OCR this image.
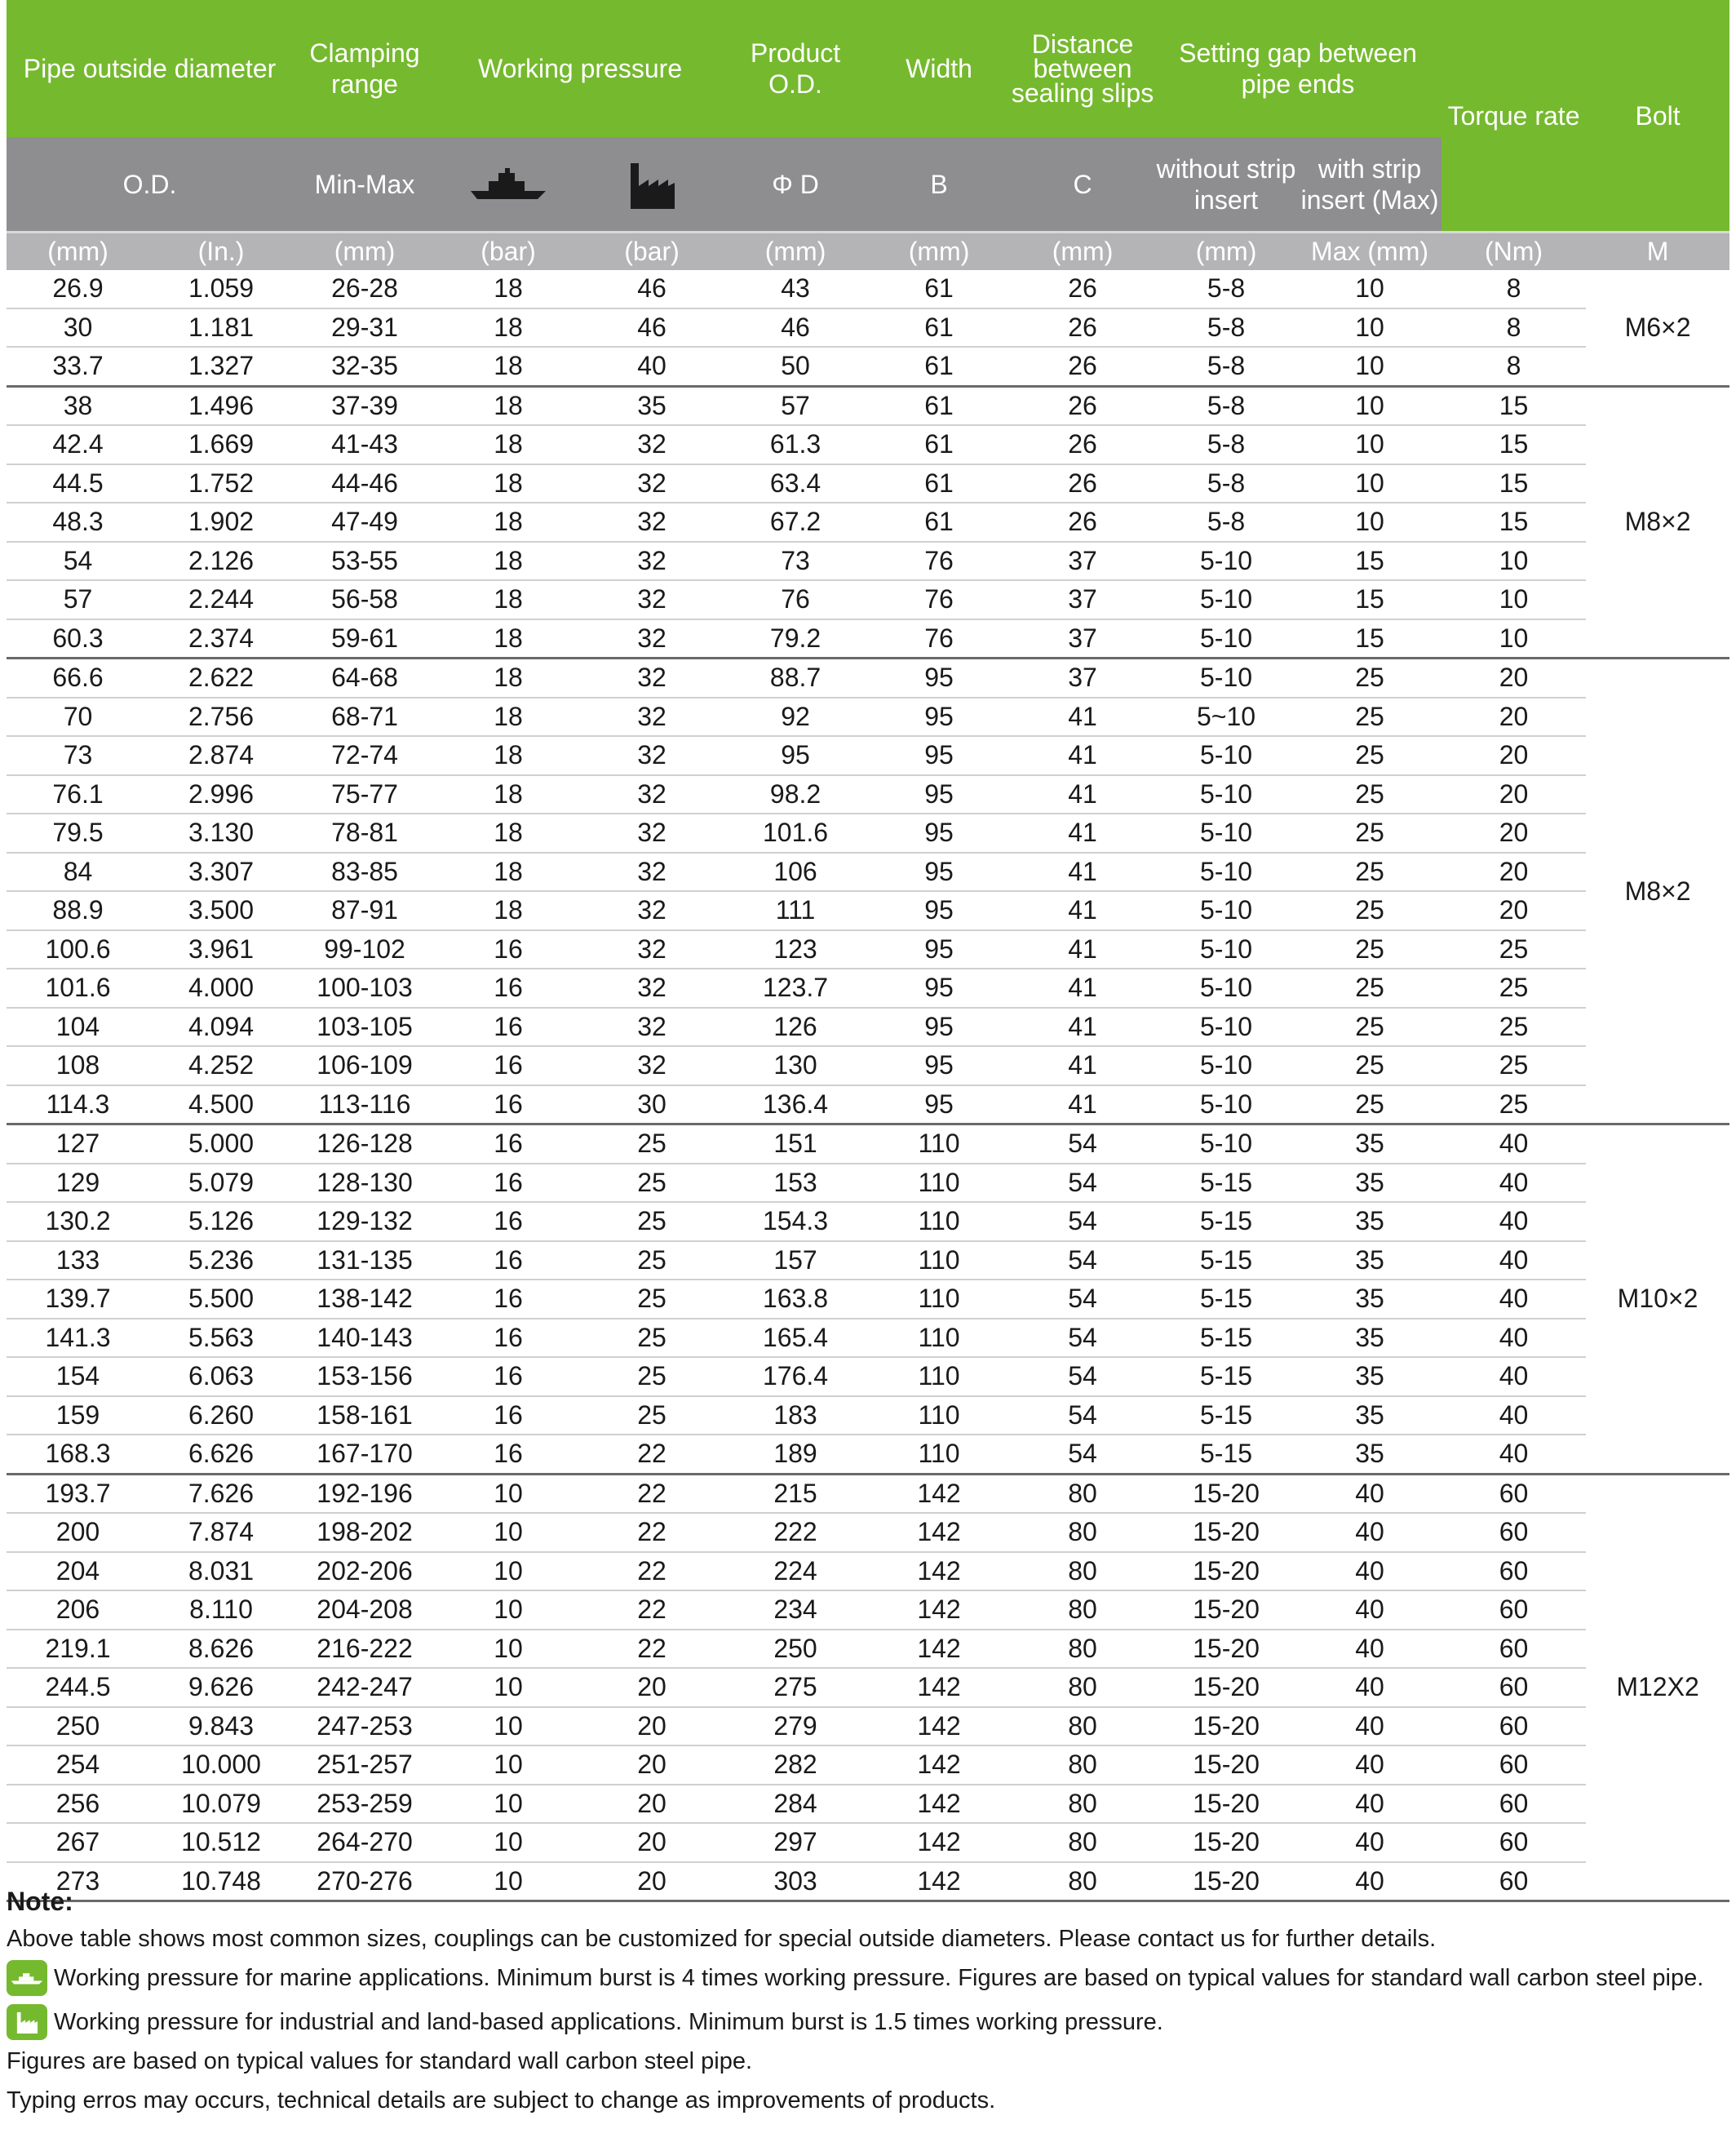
Pipe outside diameter		Clamping range	Working pressure		Product O.D.	Width	Distance between sealing slips	Setting gap between pipe ends		Torque rate	Bolt
O.D.		Min-Max			Φ D	B	C	without strip insert	with strip insert (Max)		
(mm)	(In.)	(mm)	(bar)	(bar)	(mm)	(mm)	(mm)	(mm)	Max (mm)	(Nm)	M
26.9	1.059	26-28	18	46	43	61	26	5-8	10	8	M6×2
30	1.181	29-31	18	46	46	61	26	5-8	10	8	
33.7	1.327	32-35	18	40	50	61	26	5-8	10	8	
38	1.496	37-39	18	35	57	61	26	5-8	10	15	M8×2
42.4	1.669	41-43	18	32	61.3	61	26	5-8	10	15	
44.5	1.752	44-46	18	32	63.4	61	26	5-8	10	15	
48.3	1.902	47-49	18	32	67.2	61	26	5-8	10	15	
54	2.126	53-55	18	32	73	76	37	5-10	15	10	
57	2.244	56-58	18	32	76	76	37	5-10	15	10	
60.3	2.374	59-61	18	32	79.2	76	37	5-10	15	10	
66.6	2.622	64-68	18	32	88.7	95	37	5-10	25	20	M8×2
70	2.756	68-71	18	32	92	95	41	5~10	25	20	
73	2.874	72-74	18	32	95	95	41	5-10	25	20	
76.1	2.996	75-77	18	32	98.2	95	41	5-10	25	20	
79.5	3.130	78-81	18	32	101.6	95	41	5-10	25	20	
84	3.307	83-85	18	32	106	95	41	5-10	25	20	
88.9	3.500	87-91	18	32	111	95	41	5-10	25	20	
100.6	3.961	99-102	16	32	123	95	41	5-10	25	25	
101.6	4.000	100-103	16	32	123.7	95	41	5-10	25	25	
104	4.094	103-105	16	32	126	95	41	5-10	25	25	
108	4.252	106-109	16	32	130	95	41	5-10	25	25	
114.3	4.500	113-116	16	30	136.4	95	41	5-10	25	25	
127	5.000	126-128	16	25	151	110	54	5-10	35	40	M10×2
129	5.079	128-130	16	25	153	110	54	5-15	35	40	
130.2	5.126	129-132	16	25	154.3	110	54	5-15	35	40	
133	5.236	131-135	16	25	157	110	54	5-15	35	40	
139.7	5.500	138-142	16	25	163.8	110	54	5-15	35	40	
141.3	5.563	140-143	16	25	165.4	110	54	5-15	35	40	
154	6.063	153-156	16	25	176.4	110	54	5-15	35	40	
159	6.260	158-161	16	25	183	110	54	5-15	35	40	
168.3	6.626	167-170	16	22	189	110	54	5-15	35	40	
193.7	7.626	192-196	10	22	215	142	80	15-20	40	60	M12X2
200	7.874	198-202	10	22	222	142	80	15-20	40	60	
204	8.031	202-206	10	22	224	142	80	15-20	40	60	
206	8.110	204-208	10	22	234	142	80	15-20	40	60	
219.1	8.626	216-222	10	22	250	142	80	15-20	40	60	
244.5	9.626	242-247	10	20	275	142	80	15-20	40	60	
250	9.843	247-253	10	20	279	142	80	15-20	40	60	
254	10.000	251-257	10	20	282	142	80	15-20	40	60	
256	10.079	253-259	10	20	284	142	80	15-20	40	60	
267	10.512	264-270	10	20	297	142	80	15-20	40	60	
273	10.748	270-276	10	20	303	142	80	15-20	40	60	
Note:
Above table shows most common sizes, couplings can be customized for special outside diameters. Please contact us for further details.
Working pressure for marine applications. Minimum burst is 4 times working pressure. Figures are based on typical values for standard wall carbon steel pipe.
Working pressure for industrial and land-based applications. Minimum burst is 1.5 times working pressure.
Figures are based on typical values for standard wall carbon steel pipe.
Typing erros may occurs, technical details are subject to change as improvements of products.
